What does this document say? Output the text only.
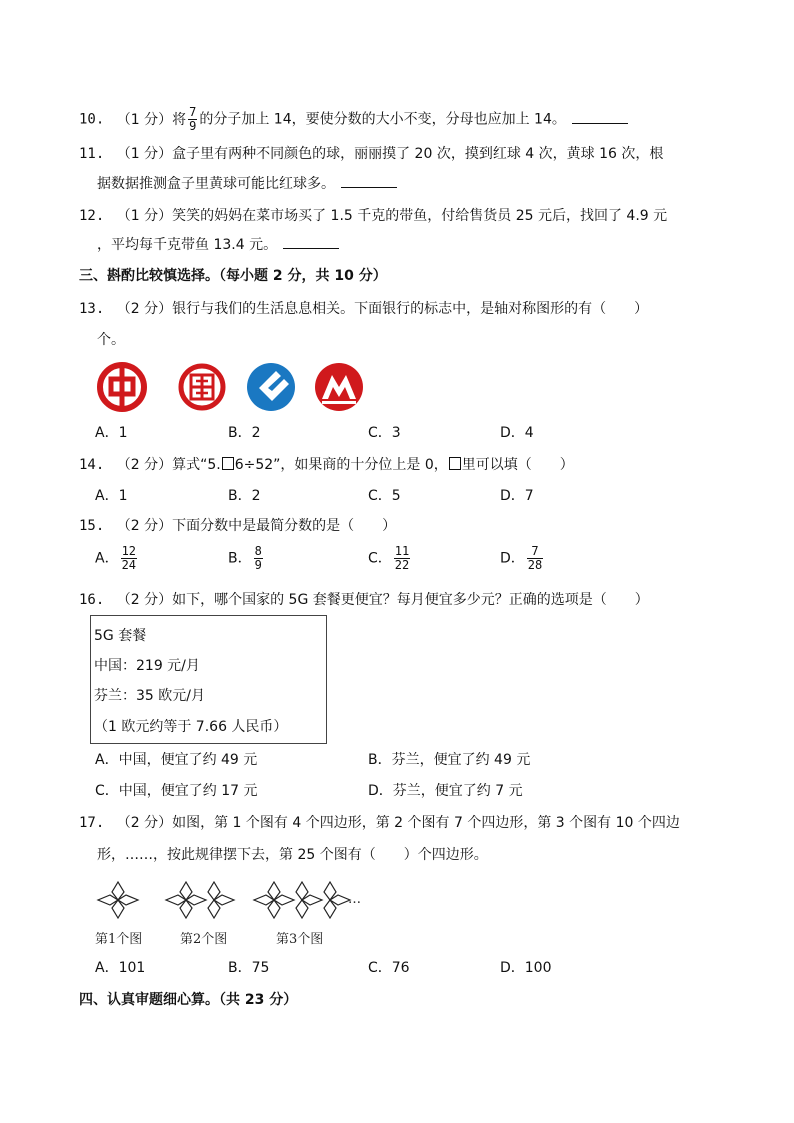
10. （1 分）将 $\frac{7}{9}$ 的分子加上 14，要使分数的大小不变，分母也应加上 14。
11. （1 分）盒子里有两种不同颜色的球，丽丽摸了 20 次，摸到红球 4 次，黄球 16 次，根
据数据推测盒子里黄球可能比红球多。
12. （1 分）笑笑的妈妈在菜市场买了 1.5 千克的带鱼，付给售货员 25 元后，找回了 4.9 元
，平均每千克带鱼 13.4 元。
三、斟酌比较慎选择。（每小题 2 分，共 10 分）
13. （2 分）银行与我们的生活息息相关。下面银行的标志中，是轴对称图形的有（　　）
个。
A．1	B．2	C．3	D．4
14. （2 分）算式“5. 6÷52”，如果商的十分位上是 0， 里可以填（　　）
A．1	B．2	C．5	D．7
15. （2 分）下面分数中是最简分数的是（　　）
A． $\frac{12}{24}$	B． $\frac{8}{9}$	C． $\frac{11}{22}$	D． $\frac{7}{28}$
16. （2 分）如下，哪个国家的 5G 套餐更便宜？每月便宜多少元？正确的选项是（　　）
5G 套餐
中国：219 元/月
芬兰：35 欧元/月
（1 欧元约等于 7.66 人民币）
A．中国，便宜了约 49 元	B．芬兰，便宜了约 49 元
C．中国，便宜了约 17 元	D．芬兰，便宜了约 7 元
17. （2 分）如图，第 1 个图有 4 个四边形，第 2 个图有 7 个四边形，第 3 个图有 10 个四边
形，……，按此规律摆下去，第 25 个图有（　　）个四边形。
…
第1个图	第2个图	第3个图
A．101	B．75	C．76	D．100
四、认真审题细心算。（共 23 分）
